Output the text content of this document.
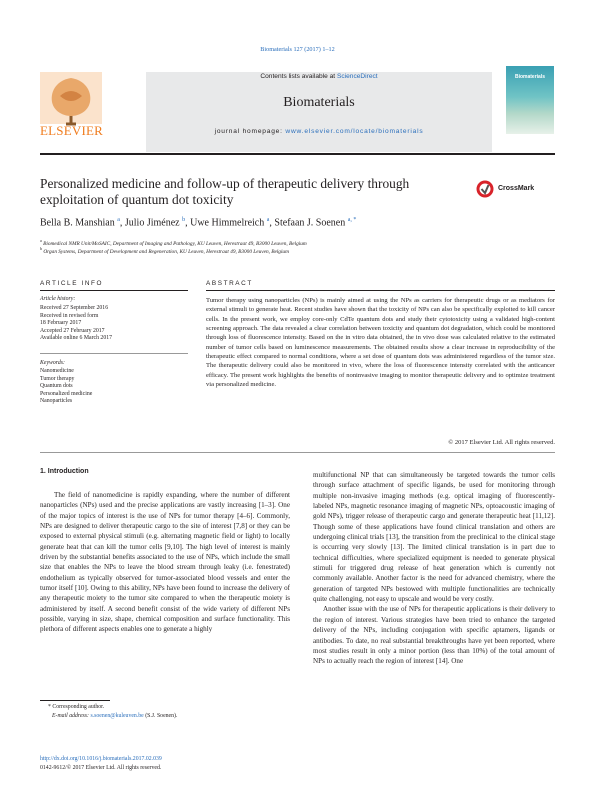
Biomaterials 127 (2017) 1–12
ELSEVIER
Contents lists available at ScienceDirect
Biomaterials
journal homepage: www.elsevier.com/locate/biomaterials
Biomaterials
Personalized medicine and follow-up of therapeutic delivery through
exploitation of quantum dot toxicity
CrossMark
Bella B. Manshian $^a$, Julio Jiménez $^b$, Uwe Himmelreich $^a$, Stefaan J. Soenen $^{a, *}$
$^a$ Biomedical NMR Unit/MoSAIC, Department of Imaging and Pathology, KU Leuven, Herestraat 49, B3000 Leuven, Belgium
$^b$ Organ Systems, Department of Development and Regeneration, KU Leuven, Herestraat 49, B3000 Leuven, Belgium
ARTICLE INFO
Article history:
Received 27 September 2016
Received in revised form
18 February 2017
Accepted 27 February 2017
Available online 6 March 2017
Keywords:
Nanomedicine
Tumor therapy
Quantum dots
Personalized medicine
Nanoparticles
ABSTRACT
Tumor therapy using nanoparticles (NPs) is mainly aimed at using the NPs as carriers for therapeutic drugs or as mediators for external stimuli to generate heat. Recent studies have shown that the toxicity of NPs can also be specifically exploited to kill cancer cells. In the present work, we employ core-only CdTe quantum dots and study their cytotoxicity using a validated high-content screening approach. The data revealed a clear correlation between toxicity and quantum dot degradation, which could be monitored through loss of fluorescence intensity. Based on the in vitro data obtained, the in vivo dose was calculated relative to the estimated number of tumor cells based on luminescence measurements. The obtained results show a clear increase in reproducibility of the therapeutic effect compared to normal conditions, where a set dose of quantum dots was administered regardless of the tumor size. The therapeutic delivery could also be monitored in vivo, where the loss of fluorescence intensity correlated with the anticancer efficacy. The present work highlights the benefits of noninvasive imaging to monitor therapeutic delivery and to optimize treatment via personalized medicine.
© 2017 Elsevier Ltd. All rights reserved.
1. Introduction
The field of nanomedicine is rapidly expanding, where the number of different nanoparticles (NPs) used and the precise applications are vastly increasing [1–3]. One of the major topics of interest is the use of NPs for tumor therapy [4–6]. Commonly, NPs are designed to deliver therapeutic cargo to the site of interest [7,8] or they can be exposed to external physical stimuli (e.g. alternating magnetic field or light) to locally generate heat that can kill the tumor cells [9,10]. The high level of interest is mainly driven by the substantial benefits associated to the use of NPs, which include the small size that enables the NPs to leave the blood stream through leaky (i.e. fenestrated) endothelium as typically observed for tumor-associated blood vessels and enter the tumor itself [10]. Owing to this ability, NPs have been found to increase the delivery of any therapeutic moiety to the tumor site compared to when the therapeutic moiety is administered by itself. A second benefit consist of the wide variety of different NPs possible, varying in size, shape, chemical composition and surface functionality. This plethora of different aspects enables one to generate a highly

multifunctional NP that can simultaneously be targeted towards the tumor cells through surface attachment of specific ligands, be used for monitoring through multiple non-invasive imaging methods (e.g. optical imaging of fluorescently-labeled NPs, magnetic resonance imaging of magnetic NPs, optoacoustic imaging of gold NPs), trigger release of therapeutic cargo and generate therapeutic heat [11,12]. Though some of these applications have found clinical translation and others are undergoing clinical trials [13], the transition from the preclinical to the clinical stage is occurring very slowly [13]. The limited clinical translation is in part due to technical difficulties, where specialized equipment is needed to generate physical stimuli for triggered drug release of heat generation which is currently not commonly available. Another factor is the need for advanced chemistry, where the generation of targeted NPs bestowed with multiple functionalities are technically quite challenging, not easy to upscale and would be very costly.

Another issue with the use of NPs for therapeutic applications is their delivery to the region of interest. Various strategies have been tried to enhance the targeted delivery of the NPs, including conjugation with specific aptamers, ligands or antibodies. To date, no real substantial breakthroughs have yet been reported, where most studies result in only a minor portion (less than 10%) of the total amount of NPs to actually reach the region of interest [14]. One

* Corresponding author.
E-mail address: s.soenen@kuleuven.be (S.J. Soenen).
http://dx.doi.org/10.1016/j.biomaterials.2017.02.039
0142-9612/© 2017 Elsevier Ltd. All rights reserved.
